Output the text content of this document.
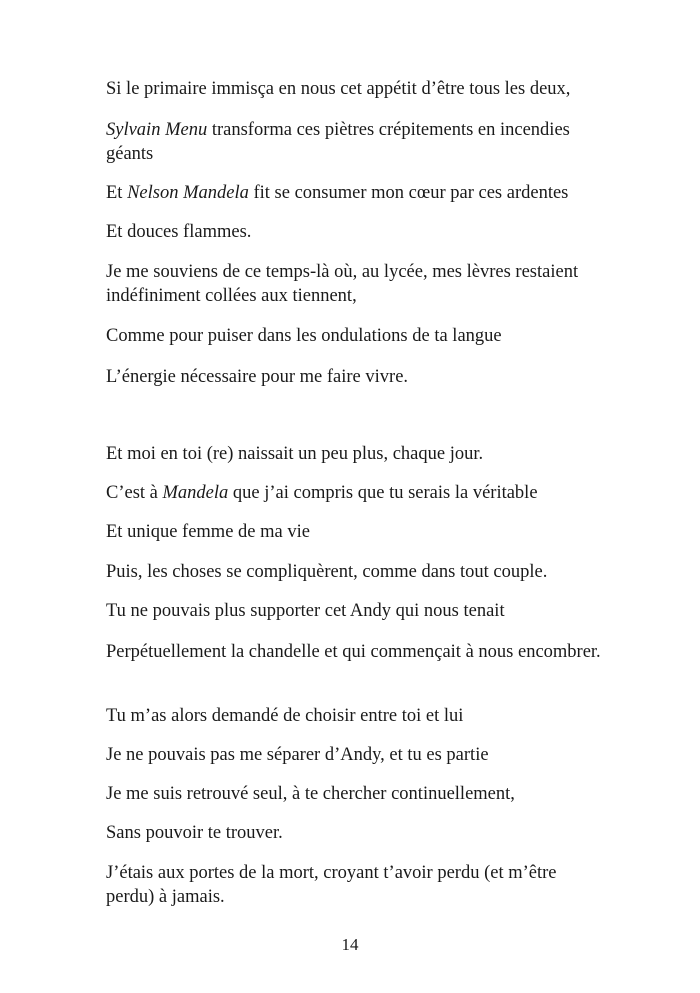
Si le primaire immisça en nous cet appétit d’être tous les deux,

Sylvain Menu transforma ces piètres crépitements en incendies géants

Et Nelson Mandela fit se consumer mon cœur par ces ardentes

Et douces flammes.

Je me souviens de ce temps-là où, au lycée, mes lèvres restaient indéfiniment collées aux tiennent,

Comme pour puiser dans les ondulations de ta langue

L’énergie nécessaire pour me faire vivre.

Et moi en toi (re) naissait un peu plus, chaque jour.

C’est à Mandela que j’ai compris que tu serais la véritable

Et unique femme de ma vie

Puis, les choses se compliquèrent, comme dans tout couple.

Tu ne pouvais plus supporter cet Andy qui nous tenait

Perpétuellement la chandelle et qui commençait à nous encombrer.

Tu m’as alors demandé de choisir entre toi et lui

Je ne pouvais pas me séparer d’Andy, et tu es partie

Je me suis retrouvé seul, à te chercher continuellement,

Sans pouvoir te trouver.

J’étais aux portes de la mort, croyant t’avoir perdu (et m’être perdu) à jamais.

14
